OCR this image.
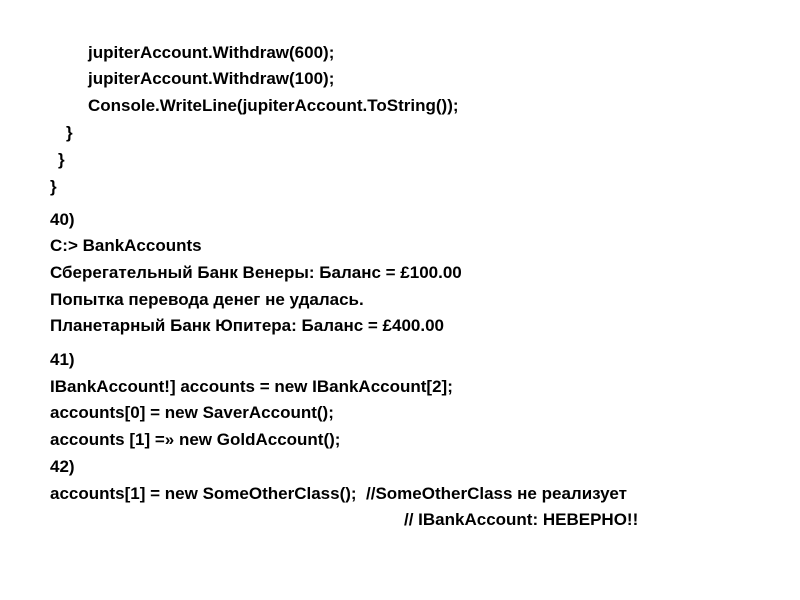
jupiterAccount.Withdraw(600);
jupiterAccount.Withdraw(100);
Console.WriteLine(jupiterAccount.ToString());
}
}
}
40)
C:> BankAccounts
Сберегательный Банк Венеры: Баланс = £100.00
Попытка перевода денег не удалась.
Планетарный Банк Юпитера: Баланс = £400.00
41)
IBankAccount!] accounts = new IBankAccount[2];
accounts[0] = new SaverAccount();
accounts [1] =» new GoldAccount();
42)
accounts[1] = new SomeOtherClass();  //SomeOtherClass не реализует
// IBankAccount: НЕВЕРНО!!
